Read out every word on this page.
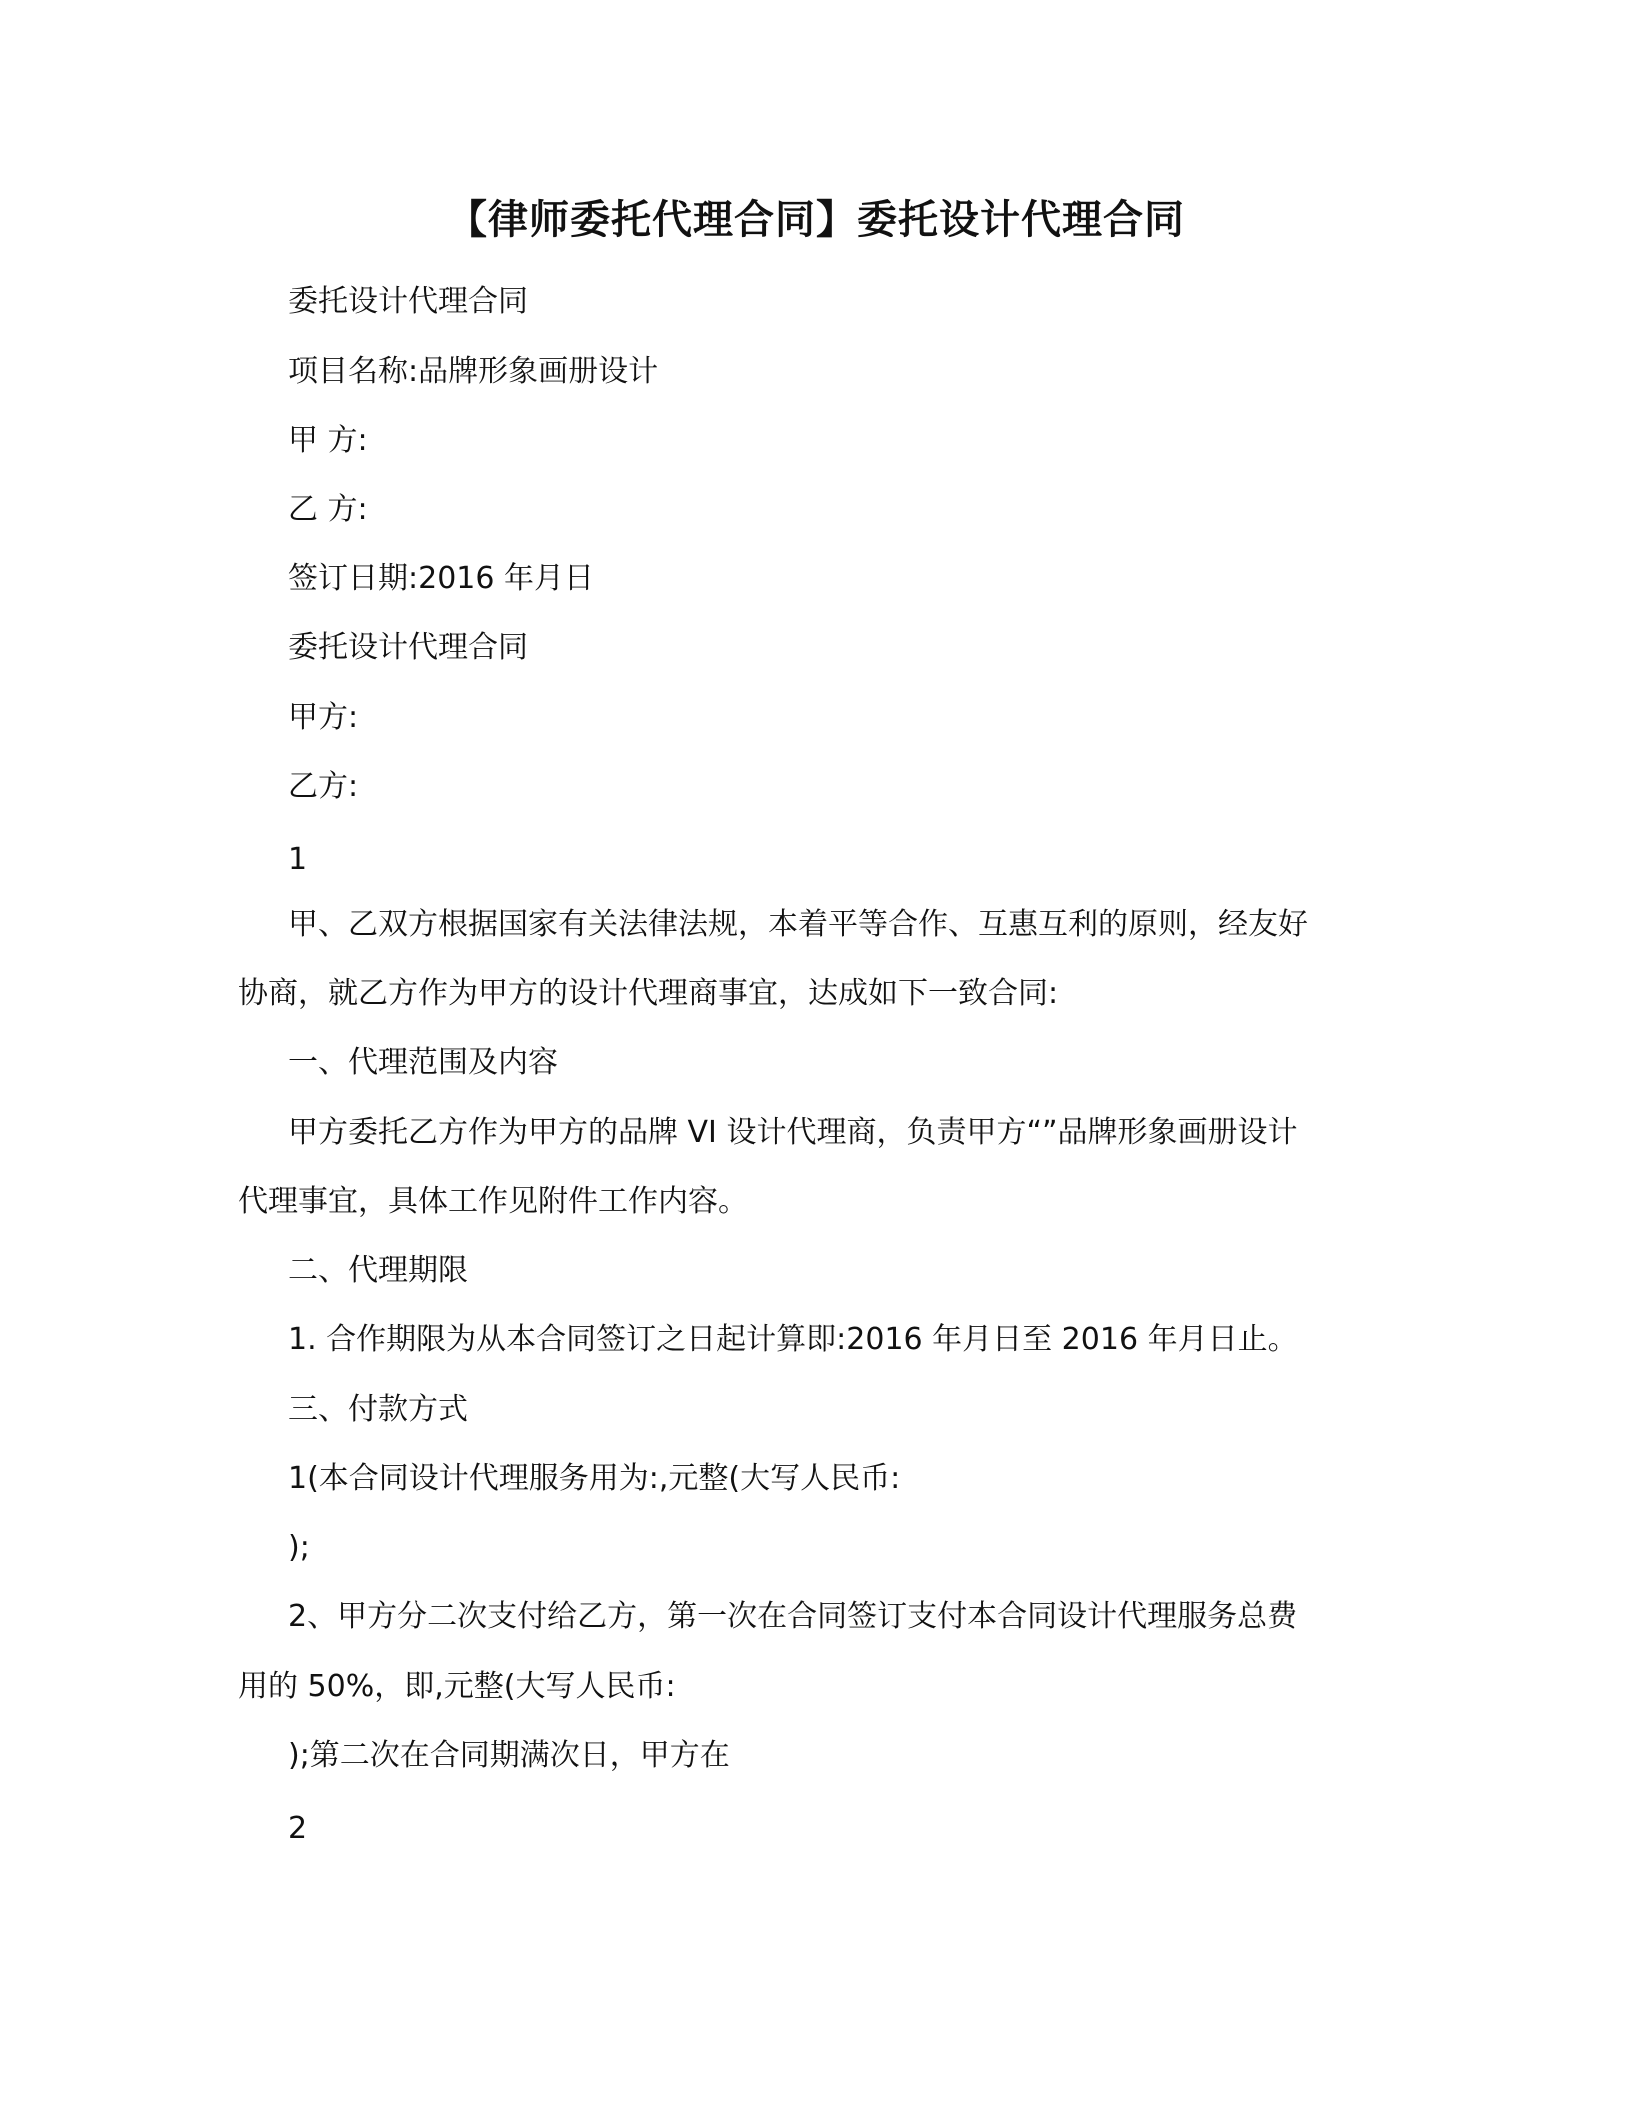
【律师委托代理合同】委托设计代理合同
委托设计代理合同
项目名称:品牌形象画册设计
甲 方:
乙 方:
签订日期:2016 年月日
委托设计代理合同
甲方:
乙方:
1
甲、乙双方根据国家有关法律法规，本着平等合作、互惠互利的原则，经友好
协商，就乙方作为甲方的设计代理商事宜，达成如下一致合同:
一、代理范围及内容
甲方委托乙方作为甲方的品牌 VI 设计代理商，负责甲方“”品牌形象画册设计
代理事宜，具体工作见附件工作内容。
二、代理期限
1. 合作期限为从本合同签订之日起计算即:2016 年月日至 2016 年月日止。
三、付款方式
1(本合同设计代理服务用为:,元整(大写人民币:
);
2、甲方分二次支付给乙方，第一次在合同签订支付本合同设计代理服务总费
用的 50%，即,元整(大写人民币:
);第二次在合同期满次日，甲方在
2
